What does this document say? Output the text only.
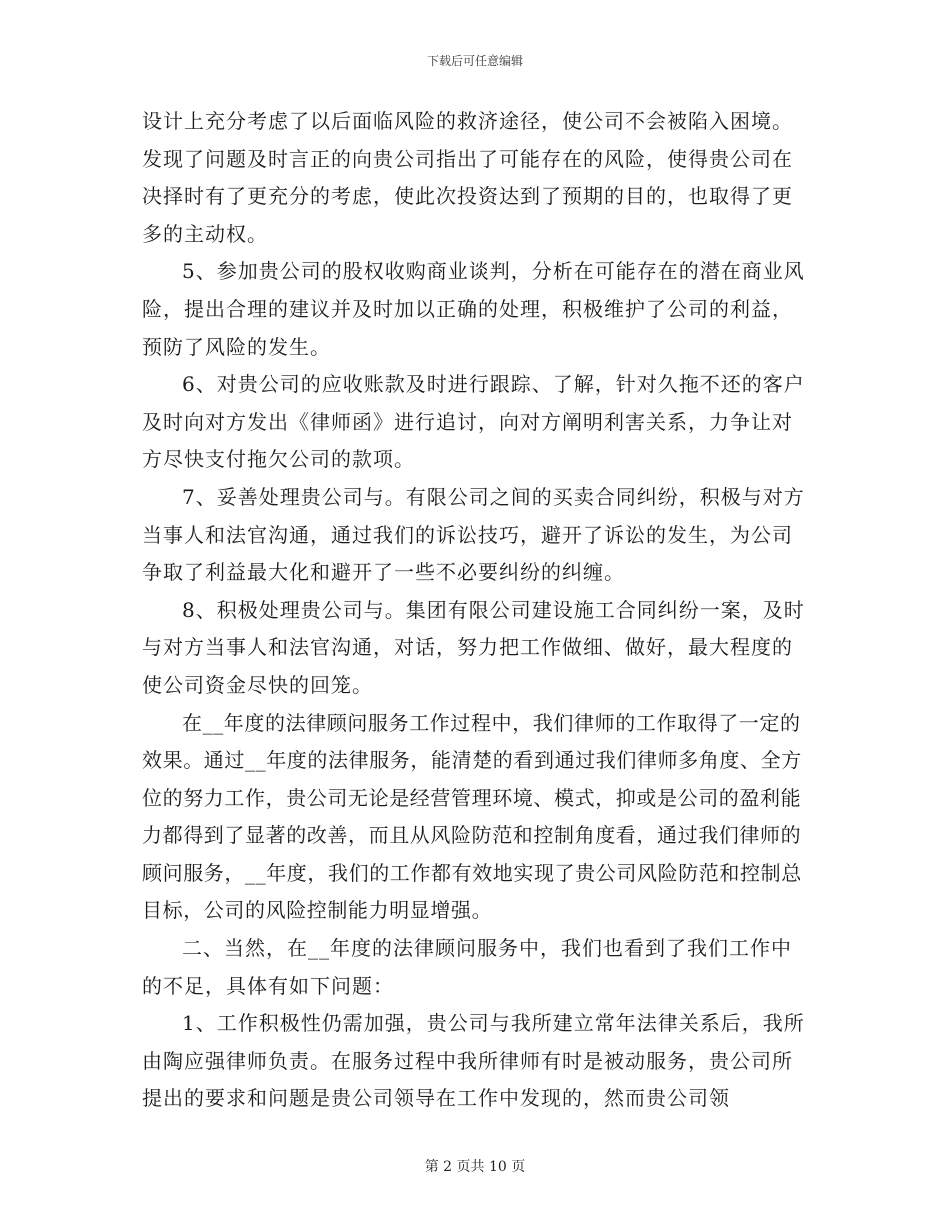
下载后可任意编辑

设计上充分考虑了以后面临风险的救济途径，使公司不会被陷入困境。发现了问题及时言正的向贵公司指出了可能存在的风险，使得贵公司在决择时有了更充分的考虑，使此次投资达到了预期的目的，也取得了更多的主动权。

5、参加贵公司的股权收购商业谈判，分析在可能存在的潜在商业风险，提出合理的建议并及时加以正确的处理，积极维护了公司的利益，预防了风险的发生。

6、对贵公司的应收账款及时进行跟踪、了解，针对久拖不还的客户及时向对方发出《律师函》进行追讨，向对方阐明利害关系，力争让对方尽快支付拖欠公司的款项。

7、妥善处理贵公司与。有限公司之间的买卖合同纠纷，积极与对方当事人和法官沟通，通过我们的诉讼技巧，避开了诉讼的发生，为公司争取了利益最大化和避开了一些不必要纠纷的纠缠。

8、积极处理贵公司与。集团有限公司建设施工合同纠纷一案，及时与对方当事人和法官沟通，对话，努力把工作做细、做好，最大程度的使公司资金尽快的回笼。

在__年度的法律顾问服务工作过程中，我们律师的工作取得了一定的效果。通过__年度的法律服务，能清楚的看到通过我们律师多角度、全方位的努力工作，贵公司无论是经营管理环境、模式，抑或是公司的盈利能力都得到了显著的改善，而且从风险防范和控制角度看，通过我们律师的顾问服务，__年度，我们的工作都有效地实现了贵公司风险防范和控制总目标，公司的风险控制能力明显增强。

二、当然，在__年度的法律顾问服务中，我们也看到了我们工作中的不足，具体有如下问题：

1、工作积极性仍需加强，贵公司与我所建立常年法律关系后，我所由陶应强律师负责。在服务过程中我所律师有时是被动服务，贵公司所提出的要求和问题是贵公司领导在工作中发现的，然而贵公司领

第 2 页共 10 页
